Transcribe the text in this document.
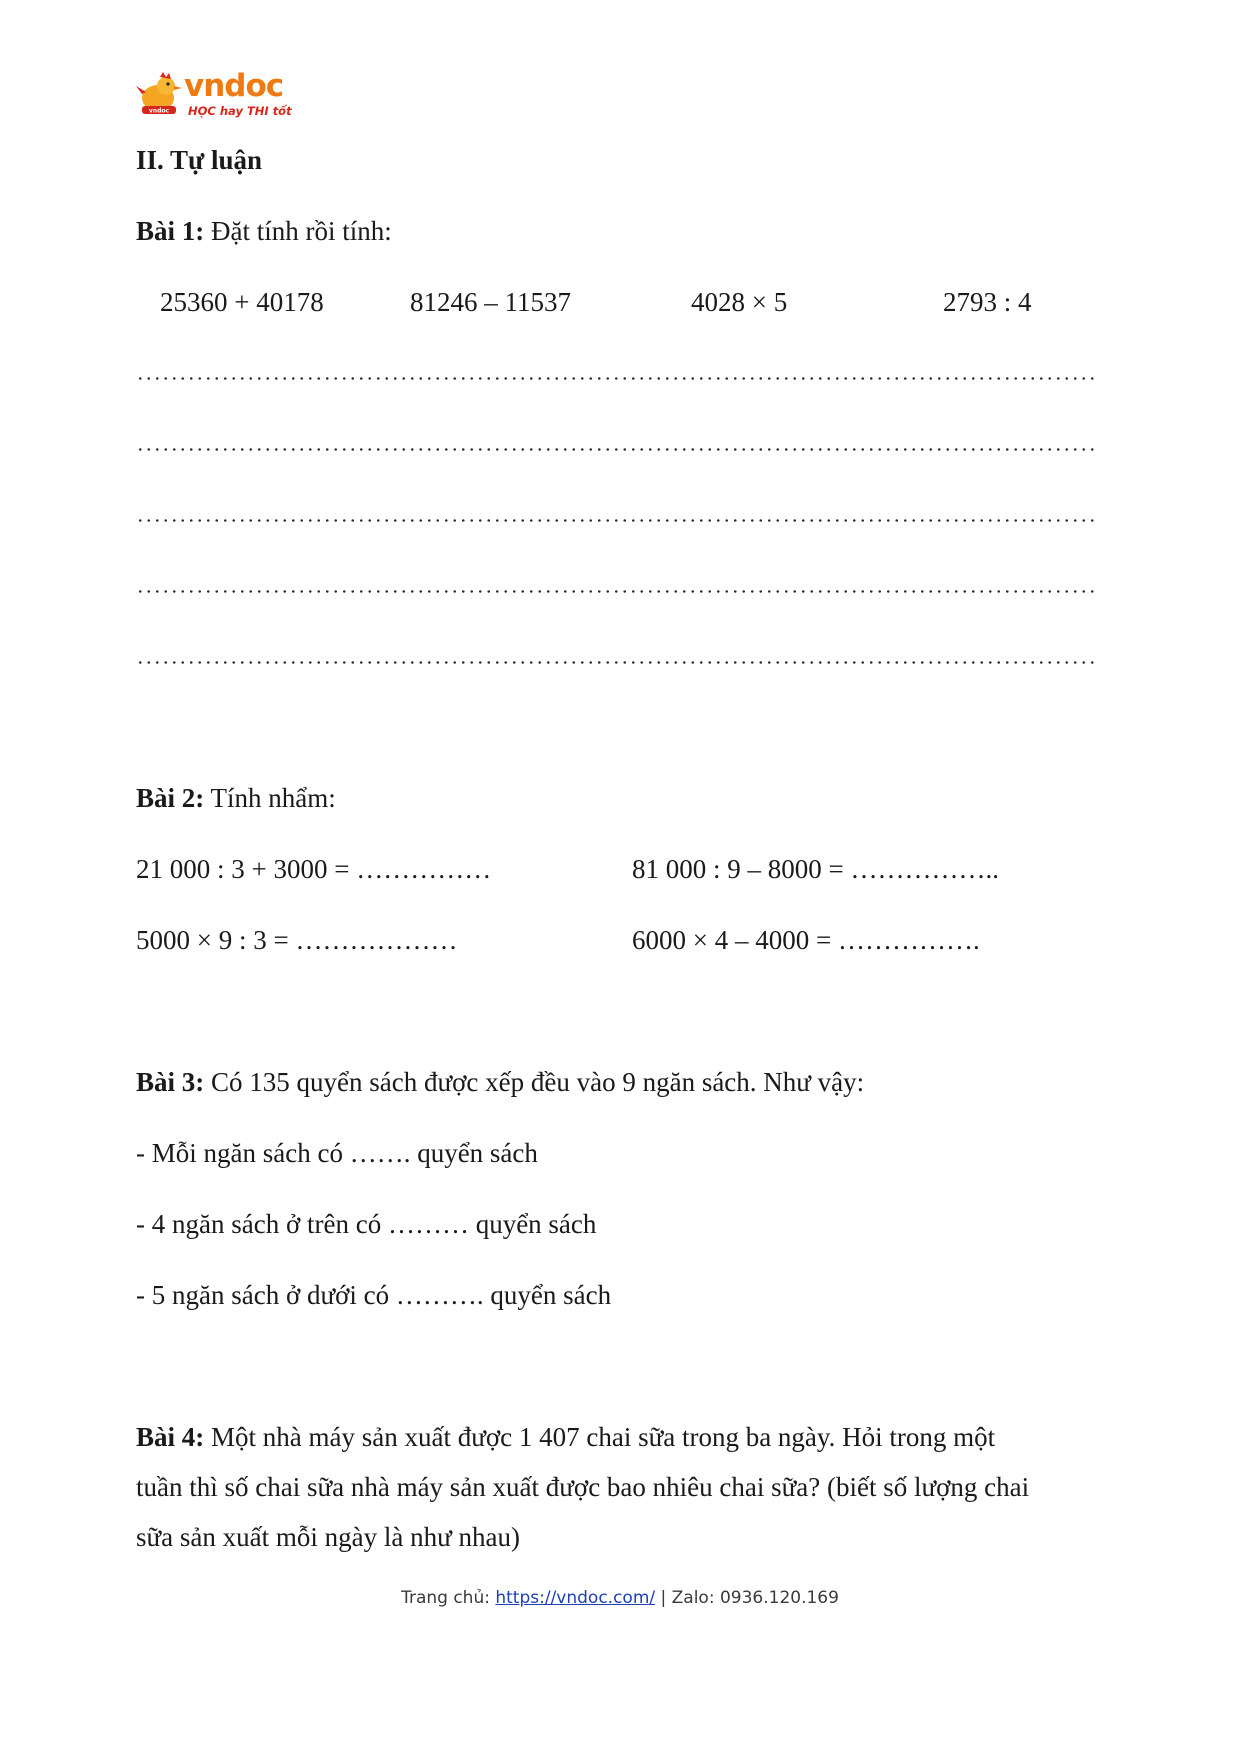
vndoc
vndoc
HỌC hay THI tốt
II. Tự luận
Bài 1: Đặt tính rồi tính:
25360 + 40178	81246 – 11537	4028 × 5	2793 : 4
Bài 2: Tính nhẩm:
21 000 : 3 + 3000 = ……………	81 000 : 9 – 8000 = ……………..
5000 × 9 : 3 = ………………	6000 × 4 – 4000 = …………….
Bài 3: Có 135 quyển sách được xếp đều vào 9 ngăn sách. Như vậy:
- Mỗi ngăn sách có ……. quyển sách
- 4 ngăn sách ở trên có ……… quyển sách
- 5 ngăn sách ở dưới có ………. quyển sách
Bài 4: Một nhà máy sản xuất được 1 407 chai sữa trong ba ngày. Hỏi trong một
tuần thì số chai sữa nhà máy sản xuất được bao nhiêu chai sữa? (biết số lượng chai
sữa sản xuất mỗi ngày là như nhau)
Trang chủ: https://vndoc.com/ | Zalo: 0936.120.169
